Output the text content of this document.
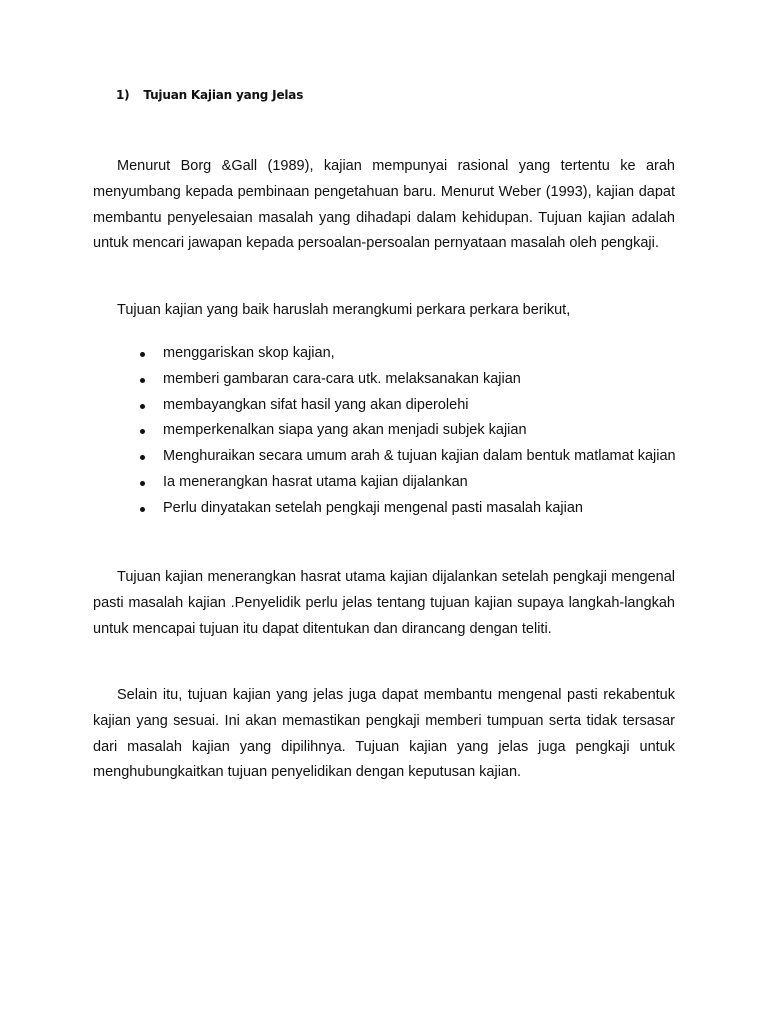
1) Tujuan Kajian yang Jelas

Menurut Borg &Gall (1989), kajian mempunyai rasional yang tertentu ke arah menyumbang kepada pembinaan pengetahuan baru. Menurut Weber (1993), kajian dapat membantu penyelesaian masalah yang dihadapi dalam kehidupan. Tujuan kajian adalah untuk mencari jawapan kepada persoalan-persoalan pernyataan masalah oleh pengkaji.

Tujuan kajian yang baik haruslah merangkumi perkara perkara berikut,

menggariskan skop kajian,
memberi gambaran cara-cara utk. melaksanakan kajian
membayangkan sifat hasil yang akan diperolehi
memperkenalkan siapa yang akan menjadi subjek kajian
Menghuraikan secara umum arah & tujuan kajian dalam bentuk matlamat kajian
Ia menerangkan hasrat utama kajian dijalankan
Perlu dinyatakan setelah pengkaji mengenal pasti masalah kajian

Tujuan kajian menerangkan hasrat utama kajian dijalankan setelah pengkaji mengenal pasti masalah kajian .Penyelidik perlu jelas tentang tujuan kajian supaya langkah-langkah untuk mencapai tujuan itu dapat ditentukan dan dirancang dengan teliti.

Selain itu, tujuan kajian yang jelas juga dapat membantu mengenal pasti rekabentuk kajian yang sesuai. Ini akan memastikan pengkaji memberi tumpuan serta tidak tersasar dari masalah kajian yang dipilihnya. Tujuan kajian yang jelas juga pengkaji untuk menghubungkaitkan tujuan penyelidikan dengan keputusan kajian.
